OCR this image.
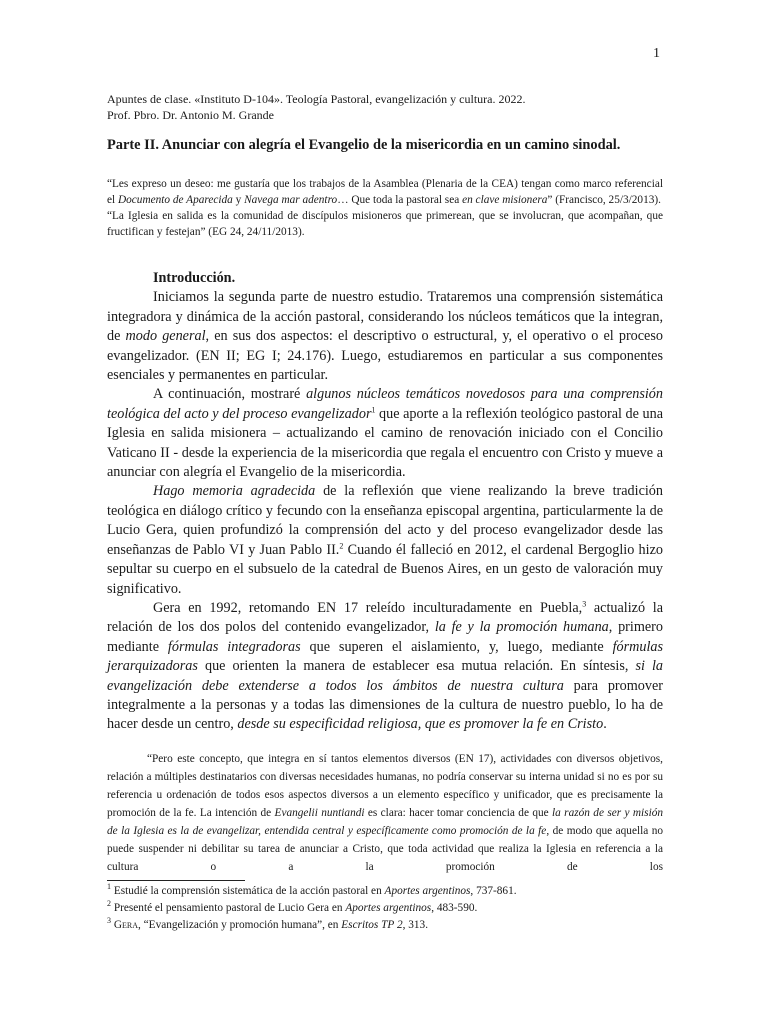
1
Apuntes de clase. «Instituto D-104». Teología Pastoral, evangelización y cultura. 2022.
Prof. Pbro. Dr. Antonio M. Grande
Parte II. Anunciar con alegría el Evangelio de la misericordia en un camino sinodal.

“Les expreso un deseo: me gustaría que los trabajos de la Asamblea (Plenaria de la CEA) tengan como marco referencial el Documento de Aparecida y Navega mar adentro… Que toda la pastoral sea en clave misionera” (Francisco, 25/3/2013).

“La Iglesia en salida es la comunidad de discípulos misioneros que primerean, que se involucran, que acompañan, que fructifican y festejan” (EG 24, 24/11/2013).

Introducción.

Iniciamos la segunda parte de nuestro estudio. Trataremos una comprensión sistemática integradora y dinámica de la acción pastoral, considerando los núcleos temáticos que la integran, de modo general, en sus dos aspectos: el descriptivo o estructural, y, el operativo o el proceso evangelizador. (EN II; EG I; 24.176). Luego, estudiaremos en particular a sus componentes esenciales y permanentes en particular.

A continuación, mostraré algunos núcleos temáticos novedosos para una comprensión teológica del acto y del proceso evangelizador$^1$ que aporte a la reflexión teológico pastoral de una Iglesia en salida misionera – actualizando el camino de renovación iniciado con el Concilio Vaticano II - desde la experiencia de la misericordia que regala el encuentro con Cristo y mueve a anunciar con alegría el Evangelio de la misericordia.

Hago memoria agradecida de la reflexión que viene realizando la breve tradición teológica en diálogo crítico y fecundo con la enseñanza episcopal argentina, particularmente la de Lucio Gera, quien profundizó la comprensión del acto y del proceso evangelizador desde las enseñanzas de Pablo VI y Juan Pablo II.$^2$ Cuando él falleció en 2012, el cardenal Bergoglio hizo sepultar su cuerpo en el subsuelo de la catedral de Buenos Aires, en un gesto de valoración muy significativo.

Gera en 1992, retomando EN 17 releído inculturadamente en Puebla,$^3$ actualizó la relación de los dos polos del contenido evangelizador, la fe y la promoción humana, primero mediante fórmulas integradoras que superen el aislamiento, y, luego, mediante fórmulas jerarquizadoras que orienten la manera de establecer esa mutua relación. En síntesis, si la evangelización debe extenderse a todos los ámbitos de nuestra cultura para promover integralmente a la personas y a todas las dimensiones de la cultura de nuestro pueblo, lo ha de hacer desde un centro, desde su especificidad religiosa, que es promover la fe en Cristo.

“Pero este concepto, que integra en sí tantos elementos diversos (EN 17), actividades con diversos objetivos, relación a múltiples destinatarios con diversas necesidades humanas, no podría conservar su interna unidad si no es por su referencia u ordenación de todos esos aspectos diversos a un elemento específico y unificador, que es precisamente la promoción de la fe. La intención de Evangelii nuntiandi es clara: hacer tomar conciencia de que la razón de ser y misión de la Iglesia es la de evangelizar, entendida central y específicamente como promoción de la fe, de modo que aquella no puede suspender ni debilitar su tarea de anunciar a Cristo, que toda actividad que realiza la Iglesia en referencia a la cultura o a la promoción de los

$^1$ Estudié la comprensión sistemática de la acción pastoral en Aportes argentinos, 737-861.

$^2$ Presenté el pensamiento pastoral de Lucio Gera en Aportes argentinos, 483-590.

$^3$ Gera, “Evangelización y promoción humana”, en Escritos TP 2, 313.
